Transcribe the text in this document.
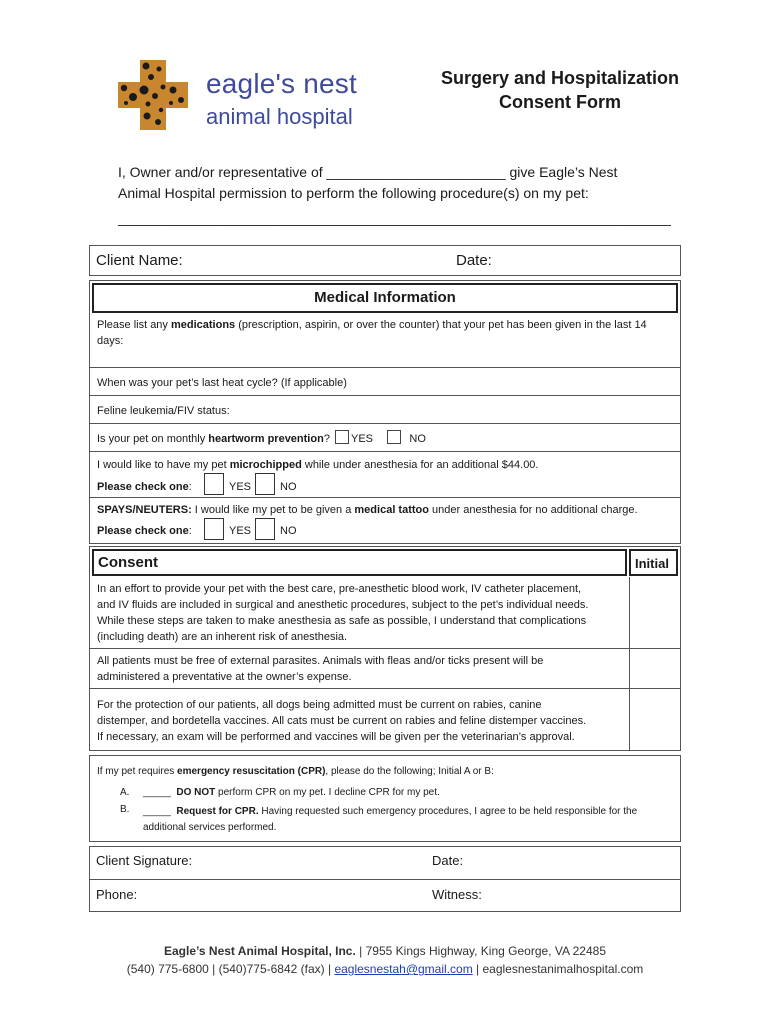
eagle's nest
animal hospital
Surgery and Hospitalization
Consent Form
I, Owner and/or representative of _______________________ give Eagle’s Nest
Animal Hospital permission to perform the following procedure(s) on my pet:
_______________________________________________________________________
Client Name:	Date:
Medical Information
Please list any medications (prescription, aspirin, or over the counter) that your pet has been given in the last 14
days:
When was your pet’s last heat cycle? (If applicable)
Feline leukemia/FIV status:
Is your pet on monthly heartworm prevention? YES	NO
I would like to have my pet microchipped while under anesthesia for an additional $44.00.
Please check one:	YES	NO
SPAYS/NEUTERS: I would like my pet to be given a medical tattoo under anesthesia for no additional charge.
Please check one:	YES	NO
Consent	Initial
In an effort to provide your pet with the best care, pre-anesthetic blood work, IV catheter placement,
and IV fluids are included in surgical and anesthetic procedures, subject to the pet’s individual needs.
While these steps are taken to make anesthesia as safe as possible, I understand that complications
(including death) are an inherent risk of anesthesia.
All patients must be free of external parasites. Animals with fleas and/or ticks present will be
administered a preventative at the owner’s expense.
For the protection of our patients, all dogs being admitted must be current on rabies, canine
distemper, and bordetella vaccines. All cats must be current on rabies and feline distemper vaccines.
If necessary, an exam will be performed and vaccines will be given per the veterinarian’s approval.
If my pet requires emergency resuscitation (CPR), please do the following; Initial A or B:
A. _____ DO NOT perform CPR on my pet. I decline CPR for my pet.
B. _____ Request for CPR. Having requested such emergency procedures, I agree to be held responsible for the
additional services performed.
Client Signature:	Date:
Phone:	Witness:
Eagle’s Nest Animal Hospital, Inc. | 7955 Kings Highway, King George, VA 22485
(540) 775-6800 | (540)775-6842 (fax) | eaglesnestah@gmail.com | eaglesnestanimalhospital.com
